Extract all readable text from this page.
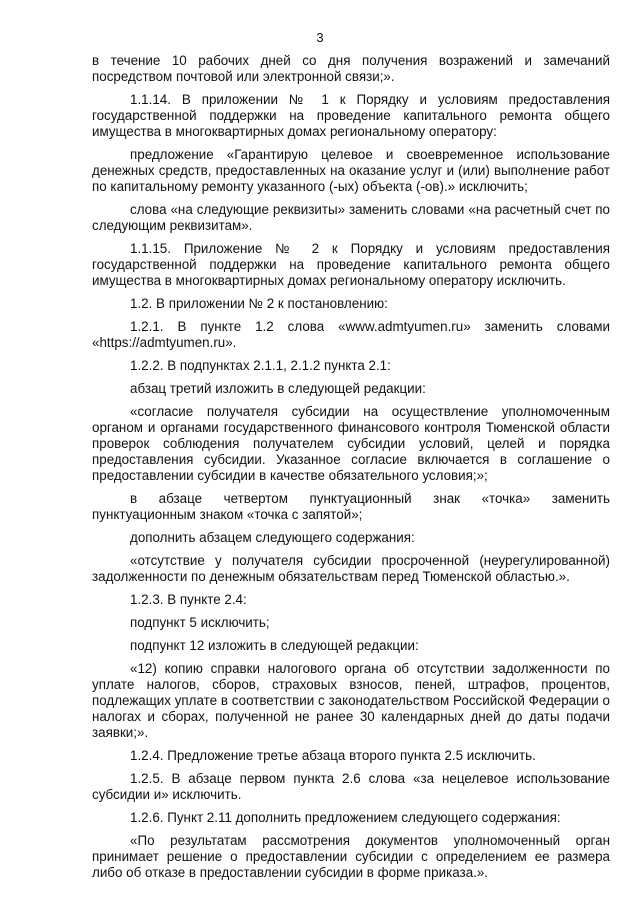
3

в течение 10 рабочих дней со дня получения возражений и замечаний посредством почтовой или электронной связи;».

1.1.14. В приложении № 1 к Порядку и условиям предоставления государственной поддержки на проведение капитального ремонта общего имущества в многоквартирных домах региональному оператору:

предложение «Гарантирую целевое и своевременное использование денежных средств, предоставленных на оказание услуг и (или) выполнение работ по капитальному ремонту указанного (-ых) объекта (-ов).» исключить;

слова «на следующие реквизиты» заменить словами «на расчетный счет по следующим реквизитам».

1.1.15. Приложение № 2 к Порядку и условиям предоставления государственной поддержки на проведение капитального ремонта общего имущества в многоквартирных домах региональному оператору исключить.

1.2. В приложении № 2 к постановлению:

1.2.1. В пункте 1.2 слова «www.admtyumen.ru» заменить словами «https://admtyumen.ru».

1.2.2. В подпунктах 2.1.1, 2.1.2 пункта 2.1:

абзац третий изложить в следующей редакции:

«согласие получателя субсидии на осуществление уполномоченным органом и органами государственного финансового контроля Тюменской области проверок соблюдения получателем субсидии условий, целей и порядка предоставления субсидии. Указанное согласие включается в соглашение о предоставлении субсидии в качестве обязательного условия;»;

в абзаце четвертом пунктуационный знак «точка» заменить пунктуационным знаком «точка с запятой»;

дополнить абзацем следующего содержания:

«отсутствие у получателя субсидии просроченной (неурегулированной) задолженности по денежным обязательствам перед Тюменской областью.».

1.2.3. В пункте 2.4:

подпункт 5 исключить;

подпункт 12 изложить в следующей редакции:

«12) копию справки налогового органа об отсутствии задолженности по уплате налогов, сборов, страховых взносов, пеней, штрафов, процентов, подлежащих уплате в соответствии с законодательством Российской Федерации о налогах и сборах, полученной не ранее 30 календарных дней до даты подачи заявки;».

1.2.4. Предложение третье абзаца второго пункта 2.5 исключить.

1.2.5. В абзаце первом пункта 2.6 слова «за нецелевое использование субсидии и» исключить.

1.2.6. Пункт 2.11 дополнить предложением следующего содержания:

«По результатам рассмотрения документов уполномоченный орган принимает решение о предоставлении субсидии с определением ее размера либо об отказе в предоставлении субсидии в форме приказа.».
